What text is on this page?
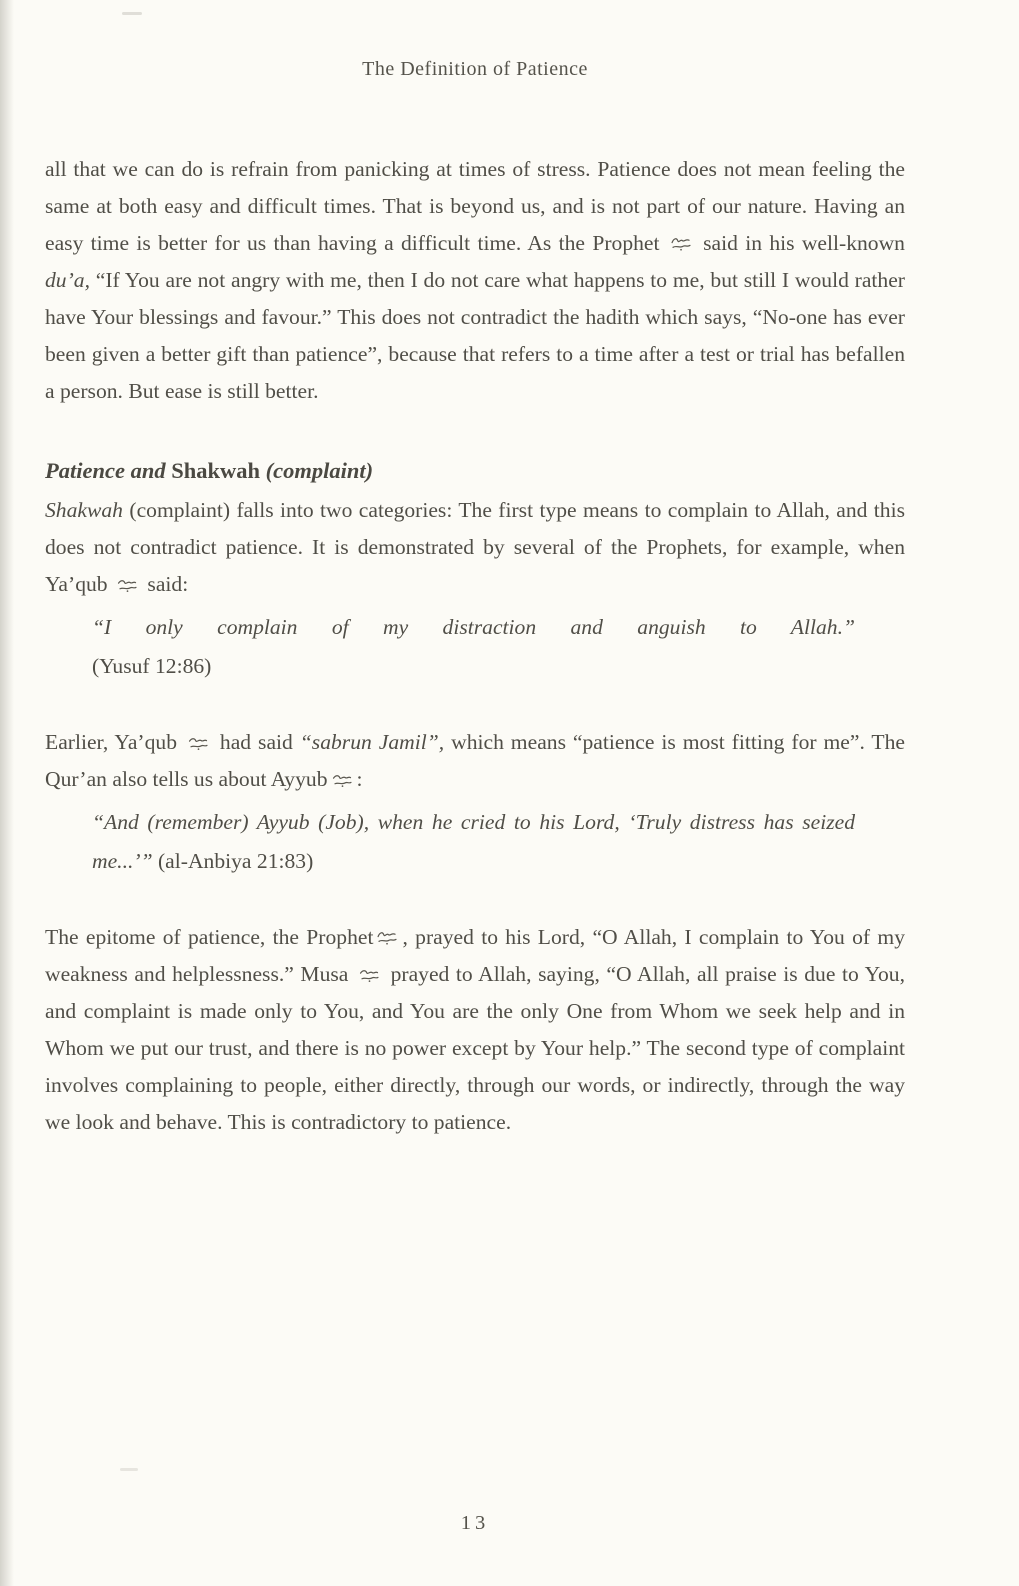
The Definition of Patience

all that we can do is refrain from panicking at times of stress. Patience does not mean feeling the same at both easy and difficult times. That is beyond us, and is not part of our nature. Having an easy time is better for us than having a difficult time. As the Prophet said in his well-known du’a, “If You are not angry with me, then I do not care what happens to me, but still I would rather have Your blessings and favour.” This does not contradict the hadith which says, “No-one has ever been given a better gift than patience”, because that refers to a time after a test or trial has befallen a person. But ease is still better.

Patience and Shakwah (complaint)

Shakwah (complaint) falls into two categories: The first type means to complain to Allah, and this does not contradict patience. It is demonstrated by several of the Prophets, for example, when Ya’qub said:

“I only complain of my distraction and anguish to Allah.”
(Yusuf 12:86)

Earlier, Ya’qub had said “sabrun Jamil”, which means “patience is most fitting for me”. The Qur’an also tells us about Ayyub :

“And (remember) Ayyub (Job), when he cried to his Lord, ‘Truly distress has seized me...’” (al-Anbiya 21:83)

The epitome of patience, the Prophet , prayed to his Lord, “O Allah, I complain to You of my weakness and helplessness.” Musa prayed to Allah, saying, “O Allah, all praise is due to You, and complaint is made only to You, and You are the only One from Whom we seek help and in Whom we put our trust, and there is no power except by Your help.” The second type of complaint involves complaining to people, either directly, through our words, or indirectly, through the way we look and behave. This is contradictory to patience.

13
